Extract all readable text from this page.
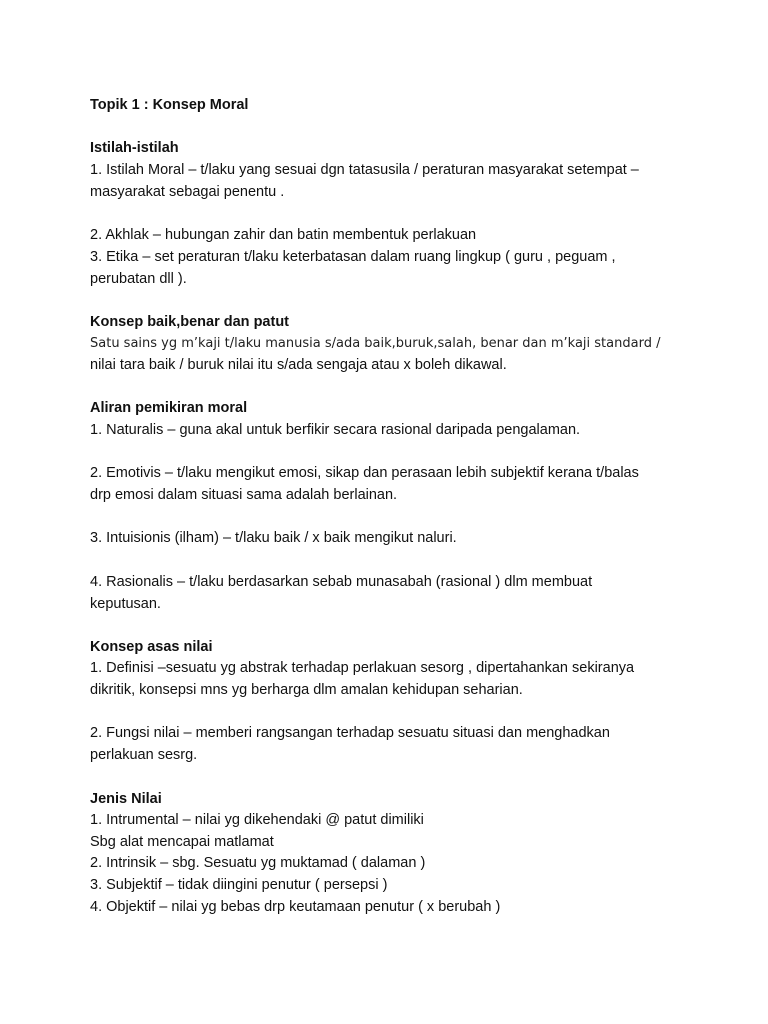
Topik 1 : Konsep Moral

Istilah-istilah

1. Istilah Moral – t/laku yang sesuai dgn tatasusila / peraturan masyarakat setempat –

masyarakat sebagai penentu .

2. Akhlak – hubungan zahir dan batin membentuk perlakuan

3. Etika – set peraturan t/laku keterbatasan dalam ruang lingkup ( guru , peguam ,

perubatan dll ).

Konsep baik,benar dan patut

Satu sains yg m’kaji t/laku manusia s/ada baik,buruk,salah, benar dan m’kaji standard /

nilai tara baik / buruk nilai itu s/ada sengaja atau x boleh dikawal.

Aliran pemikiran moral

1. Naturalis – guna akal untuk berfikir secara rasional daripada pengalaman.

2. Emotivis – t/laku mengikut emosi, sikap dan perasaan lebih subjektif kerana t/balas

drp emosi dalam situasi sama adalah berlainan.

3. Intuisionis (ilham) – t/laku baik / x baik mengikut naluri.

4. Rasionalis – t/laku berdasarkan sebab munasabah (rasional ) dlm membuat

keputusan.

Konsep asas nilai

1. Definisi –sesuatu yg abstrak terhadap perlakuan sesorg , dipertahankan sekiranya

dikritik, konsepsi mns yg berharga dlm amalan kehidupan seharian.

2. Fungsi nilai – memberi rangsangan terhadap sesuatu situasi dan menghadkan

perlakuan sesrg.

Jenis Nilai

1. Intrumental – nilai yg dikehendaki @ patut dimiliki

Sbg alat mencapai matlamat

2. Intrinsik – sbg. Sesuatu yg muktamad ( dalaman )

3. Subjektif – tidak diingini penutur ( persepsi )

4. Objektif – nilai yg bebas drp keutamaan penutur ( x berubah )
